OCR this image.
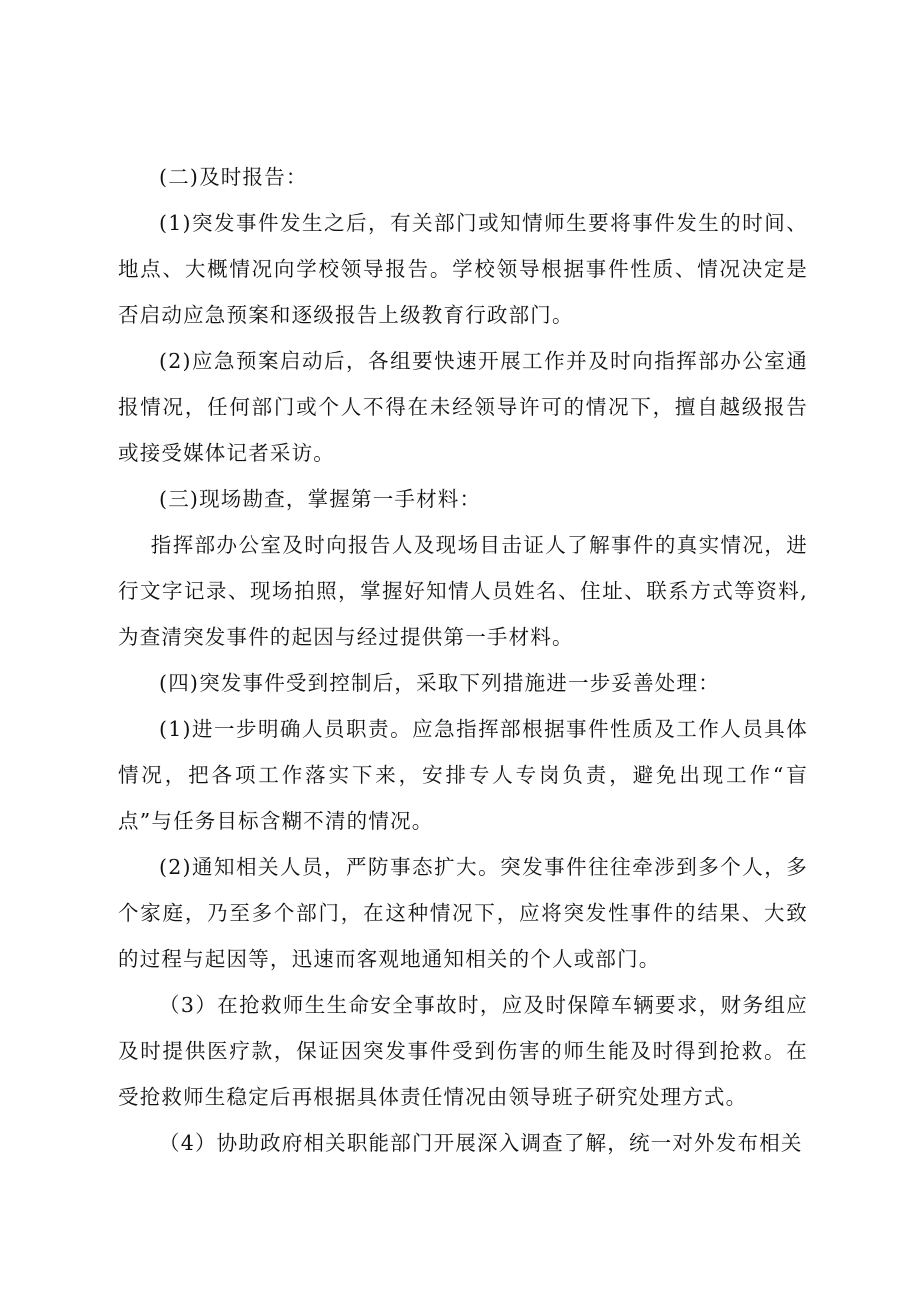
(二)及时报告：

(1)突发事件发生之后，有关部门或知情师生要将事件发生的时间、地点、大概情况向学校领导报告。学校领导根据事件性质、情况决定是否启动应急预案和逐级报告上级教育行政部门。

(2)应急预案启动后，各组要快速开展工作并及时向指挥部办公室通报情况，任何部门或个人不得在未经领导许可的情况下，擅自越级报告或接受媒体记者采访。

(三)现场勘查，掌握第一手材料：

指挥部办公室及时向报告人及现场目击证人了解事件的真实情况，进行文字记录、现场拍照，掌握好知情人员姓名、住址、联系方式等资料,为查清突发事件的起因与经过提供第一手材料。

(四)突发事件受到控制后，采取下列措施进一步妥善处理：

(1)进一步明确人员职责。应急指挥部根据事件性质及工作人员具体情况，把各项工作落实下来，安排专人专岗负责，避免出现工作“盲点”与任务目标含糊不清的情况。

(2)通知相关人员，严防事态扩大。突发事件往往牵涉到多个人，多个家庭，乃至多个部门，在这种情况下，应将突发性事件的结果、大致的过程与起因等，迅速而客观地通知相关的个人或部门。

（3）在抢救师生生命安全事故时，应及时保障车辆要求，财务组应及时提供医疗款，保证因突发事件受到伤害的师生能及时得到抢救。在受抢救师生稳定后再根据具体责任情况由领导班子研究处理方式。

（4）协助政府相关职能部门开展深入调查了解，统一对外发布相关
